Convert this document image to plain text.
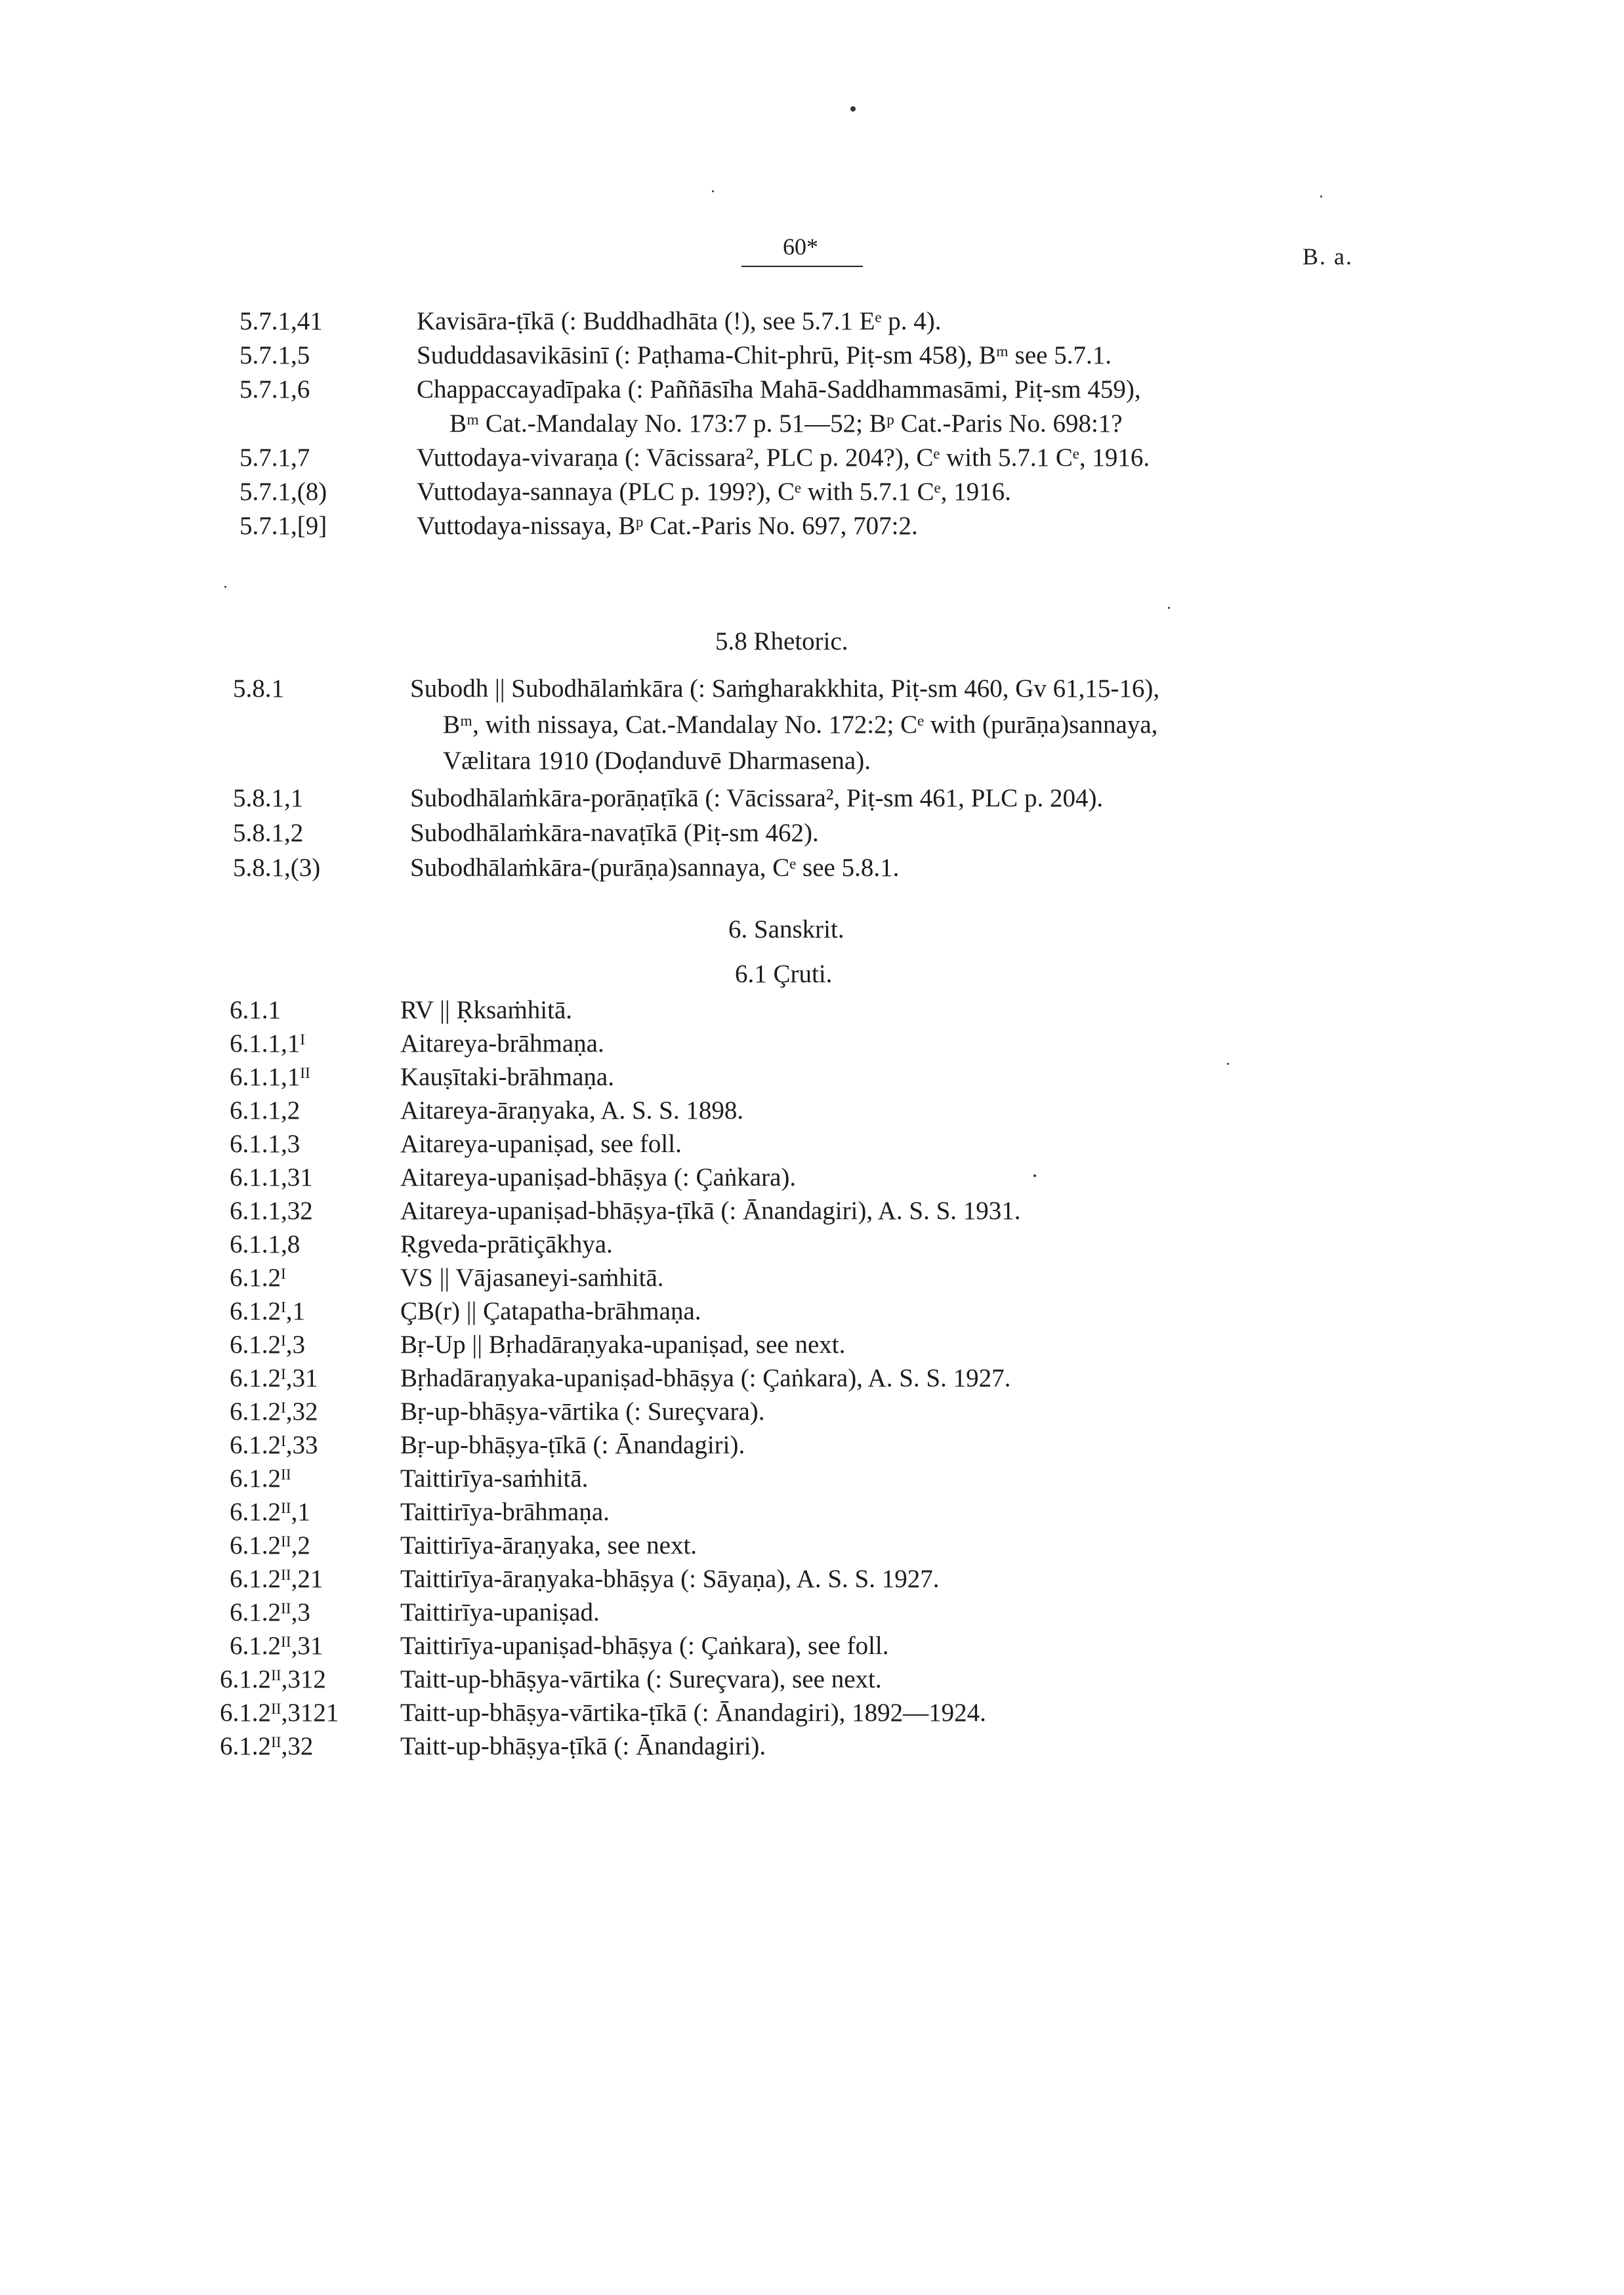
60*	B. a.
5.7.1,41	Kavisāra-ṭīkā (: Buddhadhāta (!), see 5.7.1 Eᵉ p. 4).
5.7.1,5	Sududdasavikāsinī (: Paṭhama-Chit-phrū, Piṭ-sm 458), Bᵐ see 5.7.1.
5.7.1,6	Chappaccayadīpaka (: Paññāsīha Mahā-Saddhammasāmi, Piṭ-sm 459),
Bᵐ Cat.-Mandalay No. 173:7 p. 51—52; Bᵖ Cat.-Paris No. 698:1?
5.7.1,7	Vuttodaya-vivaraṇa (: Vācissara², PLC p. 204?), Cᵉ with 5.7.1 Cᵉ, 1916.
5.7.1,(8)	Vuttodaya-sannaya (PLC p. 199?), Cᵉ with 5.7.1 Cᵉ, 1916.
5.7.1,[9]	Vuttodaya-nissaya, Bᵖ Cat.-Paris No. 697, 707:2.
5.8 Rhetoric.
5.8.1	Subodh || Subodhālaṁkāra (: Saṁgharakkhita, Piṭ-sm 460, Gv 61,15-16),
Bᵐ, with nissaya, Cat.-Mandalay No. 172:2; Cᵉ with (purāṇa)sannaya,
Vælitara 1910 (Doḍanduvē Dharmasena).
5.8.1,1	Subodhālaṁkāra-porāṇaṭīkā (: Vācissara², Piṭ-sm 461, PLC p. 204).
5.8.1,2	Subodhālaṁkāra-navaṭīkā (Piṭ-sm 462).
5.8.1,(3)	Subodhālaṁkāra-(purāṇa)sannaya, Cᵉ see 5.8.1.
6. Sanskrit.
6.1 Çruti.
6.1.1	RV || Ṛksaṁhitā.
6.1.1,1ᴵ	Aitareya-brāhmaṇa.
6.1.1,1ᴵᴵ	Kauṣītaki-brāhmaṇa.
6.1.1,2	Aitareya-āraṇyaka, A. S. S. 1898.
6.1.1,3	Aitareya-upaniṣad, see foll.
6.1.1,31	Aitareya-upaniṣad-bhāṣya (: Çaṅkara).
6.1.1,32	Aitareya-upaniṣad-bhāṣya-ṭīkā (: Ānandagiri), A. S. S. 1931.
6.1.1,8	Ṛgveda-prātiçākhya.
6.1.2ᴵ	VS || Vājasaneyi-saṁhitā.
6.1.2ᴵ,1	ÇB(r) || Çatapatha-brāhmaṇa.
6.1.2ᴵ,3	Bṛ-Up || Bṛhadāraṇyaka-upaniṣad, see next.
6.1.2ᴵ,31	Bṛhadāraṇyaka-upaniṣad-bhāṣya (: Çaṅkara), A. S. S. 1927.
6.1.2ᴵ,32	Bṛ-up-bhāṣya-vārtika (: Sureçvara).
6.1.2ᴵ,33	Bṛ-up-bhāṣya-ṭīkā (: Ānandagiri).
6.1.2ᴵᴵ	Taittirīya-saṁhitā.
6.1.2ᴵᴵ,1	Taittirīya-brāhmaṇa.
6.1.2ᴵᴵ,2	Taittirīya-āraṇyaka, see next.
6.1.2ᴵᴵ,21	Taittirīya-āraṇyaka-bhāṣya (: Sāyaṇa), A. S. S. 1927.
6.1.2ᴵᴵ,3	Taittirīya-upaniṣad.
6.1.2ᴵᴵ,31	Taittirīya-upaniṣad-bhāṣya (: Çaṅkara), see foll.
6.1.2ᴵᴵ,312	Taitt-up-bhāṣya-vārtika (: Sureçvara), see next.
6.1.2ᴵᴵ,3121	Taitt-up-bhāṣya-vārtika-ṭīkā (: Ānandagiri), 1892—1924.
6.1.2ᴵᴵ,32	Taitt-up-bhāṣya-ṭīkā (: Ānandagiri).
